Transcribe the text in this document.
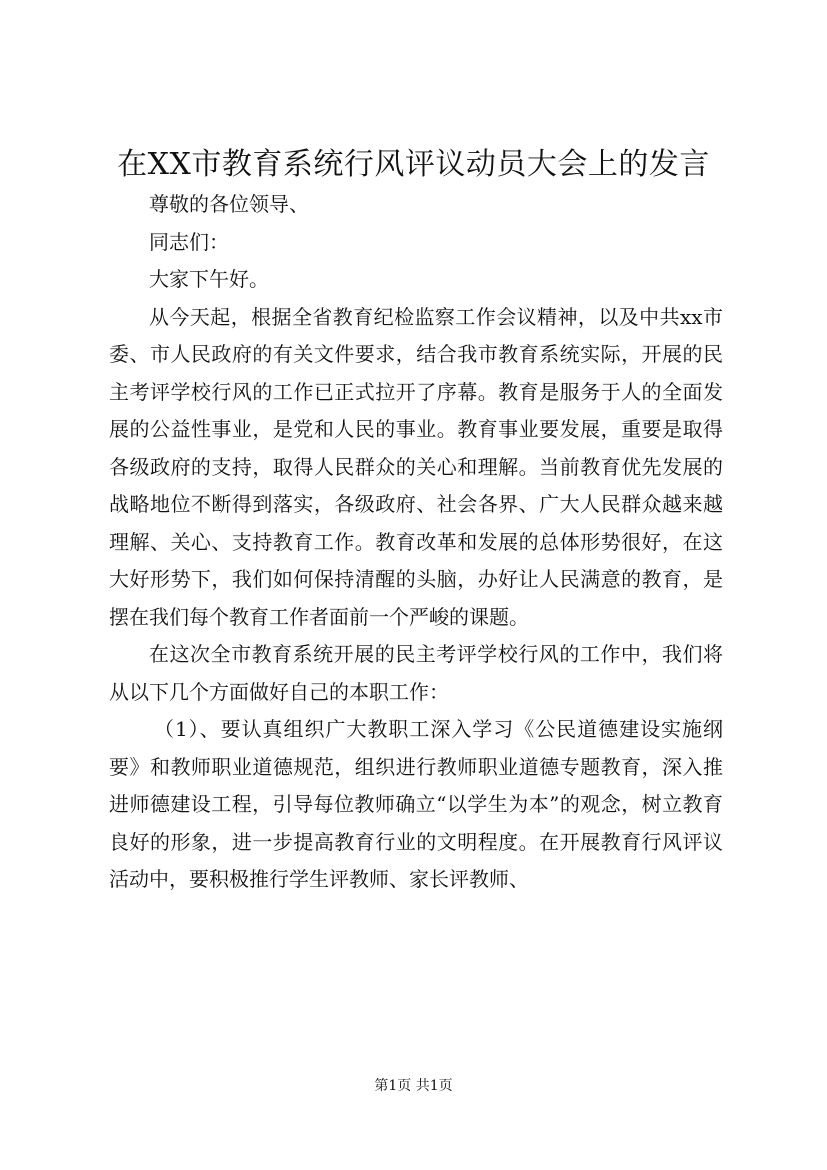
在XX市教育系统行风评议动员大会上的发言

尊敬的各位领导、

同志们：

大家下午好。

从今天起，根据全省教育纪检监察工作会议精神，以及中共xx市委、市人民政府的有关文件要求，结合我市教育系统实际，开展的民主考评学校行风的工作已正式拉开了序幕。教育是服务于人的全面发展的公益性事业，是党和人民的事业。教育事业要发展，重要是取得各级政府的支持，取得人民群众的关心和理解。当前教育优先发展的战略地位不断得到落实，各级政府、社会各界、广大人民群众越来越理解、关心、支持教育工作。教育改革和发展的总体形势很好，在这大好形势下，我们如何保持清醒的头脑，办好让人民满意的教育，是摆在我们每个教育工作者面前一个严峻的课题。

在这次全市教育系统开展的民主考评学校行风的工作中，我们将从以下几个方面做好自己的本职工作：

（1）、要认真组织广大教职工深入学习《公民道德建设实施纲要》和教师职业道德规范，组织进行教师职业道德专题教育，深入推进师德建设工程，引导每位教师确立“以学生为本”的观念，树立教育良好的形象，进一步提高教育行业的文明程度。在开展教育行风评议活动中，要积极推行学生评教师、家长评教师、

第1页 共1页
